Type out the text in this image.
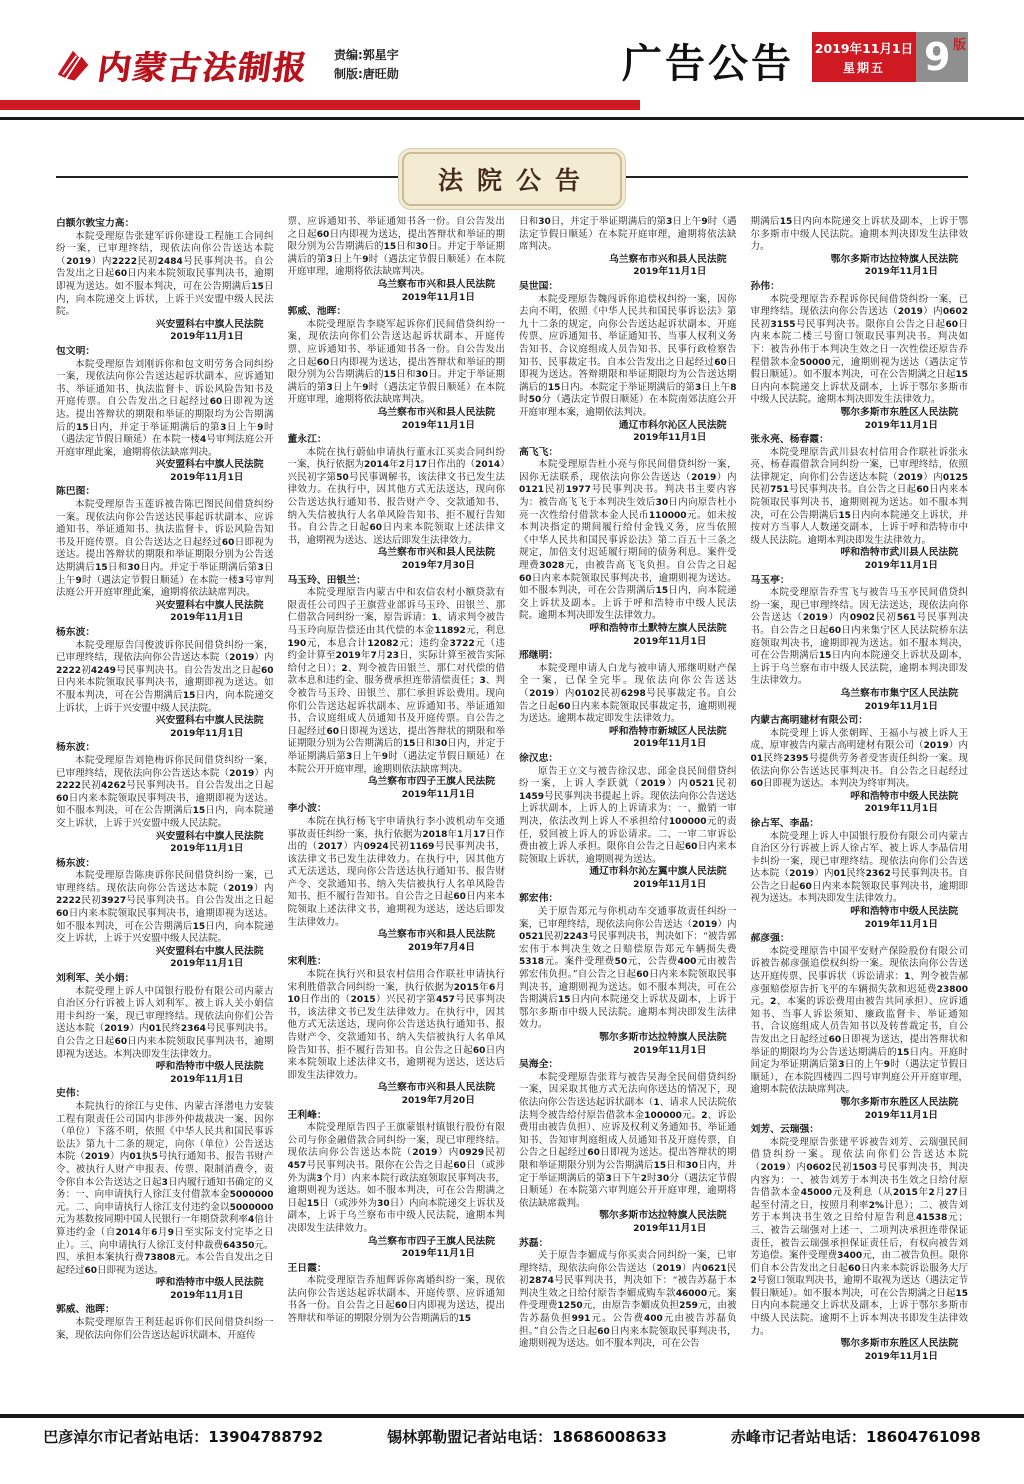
内蒙古法制报 责编:郭星宇
制版:唐旺勋	广告公告 2019年11月1日
星期五	9 版
法院公告
白额尔敦宝力高：

本院受理原告张建军诉你建设工程施工合同纠纷一案，已审理终结，现依法向你公告送达本院（2019）内2222民初2484号民事判决书。自公告发出之日起60日内来本院领取民事判决书，逾期即视为送达。如不服本判决，可在公告期满后15日内，向本院递交上诉状，上诉于兴安盟中级人民法院。

兴安盟科右中旗人民法院
2019年11月1日
包文明：

本院受理原告刘刚诉你和包文明劳务合同纠纷一案，现依法向你公告送达起诉状副本、应诉通知书、举证通知书、执法监督卡、诉讼风险告知书及开庭传票。自公告发出之日起经过60日即视为送达。提出答辩状的期限和举证的期限均为公告期满后的15日内，并定于举证期满后的第3日上午9时（遇法定节假日顺延）在本院一楼4号审判法庭公开开庭审理此案，逾期将依法缺席判决。

兴安盟科右中旗人民法院
2019年11月1日
陈巴图：

本院受理原告玉莲诉被告陈巴图民间借贷纠纷一案。现依法向你公告送达民事起诉状副本、应诉通知书、举证通知书、执法监督卡、诉讼风险告知书及开庭传票。自公告送达之日起经过60日即视为送达。提出答辩状的期限和举证期限分别为公告送达期满后15日和30日内。并定于举证期满后第3日上午9时（遇法定节假日顺延）在本院一楼3号审判法庭公开开庭审理此案，逾期将依法缺席判决。

兴安盟科右中旗人民法院
2019年11月1日
杨东波：

本院受理原告闫俊波诉你民间借贷纠纷一案，已审理终结，现依法向你公告送达本院（2019）内2222初4249号民事判决书。自公告发出之日起60日内来本院领取民事判决书，逾期即视为送达。如不服本判决，可在公告期满后15日内，向本院递交上诉状，上诉于兴安盟中级人民法院。

兴安盟科右中旗人民法院
2019年11月1日
杨东波：

本院受理原告刘艳梅诉你民间借贷纠纷一案，已审理终结，现依法向你公告送达本院（2019）内2222民初4262号民事判决书。自公告发出之日起60日内来本院领取民事判决书，逾期即视为送达。如不服本判决，可在公告期满后15日内，向本院递交上诉状，上诉于兴安盟中级人民法院。

兴安盟科右中旗人民法院
2019年11月1日
杨东波：

本院受理原告陈庚诉你民间借贷纠纷一案，已审理终结。现依法向你公告送达本院（2019）内2222民初3927号民事判决书。自公告发出之日起60日内来本院领取民事判决书，逾期即视为送达。如不服本判决，可在公告期满后15日内，向本院递交上诉状，上诉于兴安盟中级人民法院。

兴安盟科右中旗人民法院
2019年11月1日
刘利军、关小娟：

本院受理上诉人中国银行股份有限公司内蒙古自治区分行诉被上诉人刘利军、被上诉人关小娟信用卡纠纷一案，现已审理终结。现依法向你们公告送达本院（2019）内01民终2364号民事判决书。自公告之日起60日内来本院领取民事判决书，逾期即视为送达。本判决即发生法律效力。

呼和浩特市中级人民法院
2019年11月1日
史伟：

本院执行的徐江与史伟、内蒙古泽潜电力安装工程有限责任公司国内非涉外仲裁裁决一案、因你（单位）下落不明，依照《中华人民共和国民事诉讼法》第九十二条的规定，向你（单位）公告送达本院（2019）内01执5号执行通知书、报告书财产令、被执行人财产申报表、传票、限制消费令，责令你自本公告送达之日起3日内履行通知书确定的义务：一、向申请执行人徐江支付借款本金5000000元。二、向申请执行人徐江支付违约金以5000000元为基数按同期中国人民银行一年期贷款利率4倍计算违约金（自2014年6月9日至实际支付完毕之日止）。三、向申请执行人徐江支付仲裁费64350元。四、承担本案执行费73808元。本公告自发出之日起经过60日即视为送达。

呼和浩特市中级人民法院
2019年11月1日
郭威、池晖：

本院受理原告王利廷起诉你们民间借贷纠纷一案，现依法向你们公告送达起诉状副本、开庭传

票、应诉通知书、举证通知书各一份。自公告发出之日起60日内即视为送达，提出答辩状和举证的期限分别为公告期满后的15日和30日。并定于举证期满后的第3日上午9时（遇法定节假日顺延）在本院开庭审理，逾期将依法缺席判决。

乌兰察布市兴和县人民法院
2019年11月1日
郭威、池晖：

本院受理原告李晓军起诉你们民间借贷纠纷一案，现依法向你们公告送达起诉状副本、开庭传票、应诉通知书、举证通知书各一份。自公告发出之日起60日内即视为送达，提出答辩状和举证的期限分别为公告期满后的15日和30日。并定于举证期满后的第3日上午9时（遇法定节假日顺延）在本院开庭审理，逾期将依法缺席判决。

乌兰察布市兴和县人民法院
2019年11月1日
董永江：

本院在执行蔚仙申请执行董永江买卖合同纠纷一案，执行依据为2014年2月17日作出的（2014）兴民初字第50号民事调解书，该法律文书已发生法律效力。在执行中，因其他方式无法送达，现向你公告送达执行通知书、报告财产令、交款通知书、纳入失信被执行人名单风险告知书、拒不履行告知书。自公告之日起60日内来本院领取上述法律文书，逾期视为送达、送达后即发生法律效力。

乌兰察布市兴和县人民法院
2019年7月30日
马玉玲、田银兰：

本院受理原告内蒙古中和农信农村小额贷款有限责任公司四子王旗营业部诉马玉玲、田银兰、那仁借款合同纠纷一案，原告诉请：1、请求判令被告马玉玲向原告偿还由其代偿的本金11892元，利息190元，本息合计12082元；违约金3722元（违约金计算至2019年7月23日，实际计算至被告实际给付之日）；2、判令被告田银兰、那仁对代偿的借款本息和违约金、服务费承担连带清偿责任；3、判令被告马玉玲、田银兰、那仁承担诉讼费用。现向你们公告送达起诉状副本、应诉通知书、举证通知书、合议庭组成人员通知书及开庭传票。自公告之日起经过60日即视为送达，提出答辩状的期限和举证期限分别为公告期满后的15日和30日内，并定于举证期满后第3日上午9时（遇法定节假日顺延）在本院公开开庭审理，逾期则依法缺席判决。

乌兰察布市四子王旗人民法院
2019年11月1日
李小波：

本院在执行杨飞宇申请执行李小波机动车交通事故责任纠纷一案，执行依据为2018年1月17日作出的（2017）内0924民初1169号民事判决书，该法律文书已发生法律效力。在执行中，因其他方式无法送达，现向你公告送达执行通知书、报告财产令、交款通知书、纳入失信被执行人名单风险告知书、拒不履行告知书。自公告之日起60日内来本院领取上述法律文书，逾期视为送达，送达后即发生法律效力。

乌兰察布市兴和县人民法院
2019年7月4日
宋利胜：

本院在执行兴和县农村信用合作联社申请执行宋利胜借款合同纠纷一案，执行依据为2015年6月10日作出的（2015）兴民初字第457号民事判决书，该法律文书已发生法律效力。在执行中，因其他方式无法送达，现向你公告送达执行通知书、报告财产令、交款通知书、纳入失信被执行人名单风险告知书、拒不履行告知书。自公告之日起60日内来本院领取上述法律文书，逾期视为送达，送达后即发生法律效力。

乌兰察布市兴和县人民法院
2019年7月20日
王利峰：

本院受理原告四子王旗蒙银村镇银行股份有限公司与你金融借款合同纠纷一案，现已审理终结。现依法向你公告送达本院（2019）内0929民初457号民事判决书。限你在公告之日起60日（或涉外为满3个月）内来本院行政法庭领取民事判决书，逾期则视为送达。如不服本判决，可在公告期满之日起15日（或涉外为30日）内向本院递交上诉状及副本，上诉于乌兰察布市中级人民法院，逾期本判决即发生法律效力。

乌兰察布市四子王旗人民法院
2019年11月1日
王日霞：

本院受理原告乔旭辉诉你离婚纠纷一案，现依法向你公告送达起诉状副本、开庭传票、应诉通知书各一份。自公告之日起60日内即视为送达，提出答辩状和举证的期限分别为公告期满后的15

日和30日，并定于举证期满后的第3日上午9时（遇法定节假日顺延）在本院开庭审理，逾期将依法缺席判决。

乌兰察布市兴和县人民法院
2019年11月1日
吴世国：

本院受理原告魏闯诉你追偿权纠纷一案，因你去向不明，依照《中华人民共和国民事诉讼法》第九十二条的规定，向你公告送达起诉状副本、开庭传票、应诉通知书、举证通知书、当事人权利义务告知书、合议庭组成人员告知书、民事行政检察告知书、民事裁定书。自本公告发出之日起经过60日即视为送达。答辩期限和举证期限均为公告送达期满后的15日内。本院定于举证期满后的第3日上午8时50分（遇法定节假日顺延）在本院南郊法庭公开开庭审理本案，逾期依法判决。

通辽市科尔沁区人民法院
2019年11月1日
高飞飞：

本院受理原告杜小亮与你民间借贷纠纷一案，因你无法联系，现依法向你公告送达（2019）内0121民初1977号民事判决书。判决书主要内容为：被告高飞飞于本判决生效后30日内向原告杜小亮一次性给付借款本金人民币110000元。如未按本判决指定的期间履行给付金钱义务，应当依照《中华人民共和国民事诉讼法》第二百五十三条之规定，加倍支付迟延履行期间的债务利息。案件受理费3028元，由被告高飞飞负担。自公告之日起60日内来本院领取民事判决书，逾期则视为送达。如不服本判决，可在公告期满后15日内，向本院递交上诉状及副本。上诉于呼和浩特市中级人民法院。逾期本判决即发生法律效力。

呼和浩特市土默特左旗人民法院
2019年11月1日
邢继明：

本院受理申请人白龙与被申请人邢继明财产保全一案，已保全完毕。现依法向你公告送达（2019）内0102民初6298号民事裁定书。自公告之日起60日内来本院领取民事裁定书，逾期则视为送达。逾期本裁定即发生法律效力。

呼和浩特市新城区人民法院
2019年11月1日
徐汉忠：

原告王立文与被告徐汉忠、邱金良民间借贷纠纷一案，上诉人李跃就（2019）内0521民初1459号民事判决书提起上诉。现依法向你公告送达上诉状副本，上诉人的上诉请求为：一、撤销一审判决，依法改判上诉人不承担给付100000元的责任，驳回被上诉人的诉讼请求。二、一审二审诉讼费由被上诉人承担。限你自公告之日起60日内来本院领取上诉状，逾期则视为送达。

通辽市科尔沁左翼中旗人民法院
2019年11月1日
郭宏伟：

关于原告郑元与你机动车交通事故责任纠纷一案，已审理终结，现依法向你公告送达（2019）内0521民初2243号民事判决书，判决如下：“被告郭宏伟于本判决生效之日赔偿原告郑元车辆损失费5318元。案件受理费50元，公告费400元由被告郭宏伟负担。”自公告之日起60日内来本院领取民事判决书，逾期则视为送达。如不服本判决，可在公告期满后15日内向本院递交上诉状及副本，上诉于鄂尔多斯市中级人民法院。逾期本判决即发生法律效力。

鄂尔多斯市达拉特旗人民法院
2019年11月1日
吴海全：

本院受理原告张茸与被告吴海全民间借贷纠纷一案，因采取其他方式无法向你送达的情况下，现依法向你公告送达起诉状副本（1、请求人民法院依法判令被告给付原告借款本金100000元。2、诉讼费用由被告负担）、应诉及权利义务通知书、举证通知书、告知审判庭组成人员通知书及开庭传票，自公告之日起经过60日即视为送达。提出答辩状的期限和举证期限分别为公告期满后15日和30日内，并定于举证期满后的第3日下午2时30分（遇法定节假日顺延）在本院第六审判庭公开开庭审理，逾期将依法缺席裁判。

鄂尔多斯市达拉特旗人民法院
2019年11月1日
苏磊：

关于原告李媚成与你买卖合同纠纷一案，已审理终结，现依法向你公告送达（2019）内0621民初2874号民事判决书，判决如下：“被告苏磊于本判决生效之日给付原告李媚成购车款46000元。案件受理费1250元，由原告李媚成负担259元，由被告苏磊负担991元。公告费400元由被告苏磊负担。”自公告之日起60日内来本院领取民事判决书，逾期则视为送达。如不服本判决，可在公告

期满后15日内向本院递交上诉状及副本，上诉于鄂尔多斯市中级人民法院。逾期本判决即发生法律效力。

鄂尔多斯市达拉特旗人民法院
2019年11月1日
孙伟：

本院受理原告乔程诉你民间借贷纠纷一案，已审理终结。现依法向你公告送达（2019）内0602民初3155号民事判决书。限你自公告之日起60日内来本院二楼三号窗口领取民事判决书。判决如下：被告孙伟于本判决生效之日一次性偿还原告乔程借款本金50000元，逾期则视为送达（遇法定节假日顺延）。如不服本判决，可在公告期满之日起15日内向本院递交上诉状及副本，上诉于鄂尔多斯市中级人民法院。逾期本判决即发生法律效力。

鄂尔多斯市东胜区人民法院
2019年11月1日
张永亮、杨春霞：

本院受理原告武川县农村信用合作联社诉张永亮、杨春霞借款合同纠纷一案，已审理终结，依照法律规定，向你们公告送达本院（2019）内0125民初751号民事判决书。自公告之日起60日内来本院领取民事判决书，逾期则视为送达。如不服本判决，可在公告期满后15日内向本院递交上诉状，并按对方当事人人数递交副本，上诉于呼和浩特市中级人民法院。逾期本判决即发生法律效力。

呼和浩特市武川县人民法院
2019年11月1日
马玉亭：

本院受理原告乔雪飞与被告马玉亭民间借贷纠纷一案，现已审理终结。因无法送达，现依法向你公告送达（2019）内0902民初561号民事判决书。自公告之日起60日内来集宁区人民法院桥东法庭领取判决书，逾期即视为送达。如不服本判决，可在公告期满后15日内向本院递交上诉状及副本，上诉于乌兰察布市中级人民法院，逾期本判决即发生法律效力。

乌兰察布市集宁区人民法院
2019年11月1日
内蒙古高明建材有限公司：

本院受理上诉人张朝晖、王福小与被上诉人王成、原审被告内蒙古高明建材有限公司（2019）内01民终2395号提供劳务者受害责任纠纷一案。现依法向你公告送达民事判决书。自公告之日起经过60日即视为送达。本判决为终审判决。

呼和浩特市中级人民法院
2019年11月1日
徐占军、李晶：

本院受理上诉人中国银行股份有限公司内蒙古自治区分行诉被上诉人徐占军、被上诉人李晶信用卡纠纷一案，现已审理终结。现依法向你们公告送达本院（2019）内01民终2362号民事判决书。自公告之日起60日内来本院领取民事判决书，逾期即视为送达。本判决即发生法律效力。

呼和浩特市中级人民法院
2019年11月1日
郝彦强：

本院受理原告中国平安财产保险股份有限公司诉被告郝彦强追偿权纠纷一案。现依法向你公告送达开庭传票、民事诉状（诉讼请求：1、判令被告郝彦强赔偿原告折飞平的车辆损失款和迟延费23800元。2、本案的诉讼费用由被告共同承担）、应诉通知书、当事人诉讼须知、廉政监督卡、举证通知书、合议庭组成人员告知书以及转普裁定书，自公告发出之日起经过60日即视为送达，提出答辩状和举证的期限均为公告送达期满后的15日内。开庭时间定为举证期满后第3日的上午9时（遇法定节假日顺延），在本院四楼四二四号审判庭公开开庭审理，逾期本院依法缺席判决。

鄂尔多斯市东胜区人民法院
2019年11月1日
刘芳、云瑞强：

本院受理原告张建平诉被告刘芳、云瑞强民间借贷纠纷一案。现依法向你们公告送达本院（2019）内0602民初1503号民事判决书，判决内容为：一、被告刘芳于本判决书生效之日给付原告借款本金45000元及利息（从2015年2月27日起至付清之日，按照月利率2%计息）；二、被告刘芳于本判决书生效之日给付原告利息41538元；三、被告云瑞强对上述一、二项判决承担连带保证责任，被告云瑞强承担保证责任后，有权向被告刘芳追偿。案件受理费3400元，由二被告负担。限你们自本公告发出之日起60日内来本院诉讼服务大厅2号窗口领取判决书，逾期不取视为送达（遇法定节假日顺延）。如不服本判决，可在公告期满之日起15日内向本院递交上诉状及副本，上诉于鄂尔多斯市中级人民法院。逾期不上诉本判决书即发生法律效力。

鄂尔多斯市东胜区人民法院
2019年11月1日
巴彦淖尔市记者站电话：13904788792	锡林郭勒盟记者站电话：18686008633	赤峰市记者站电话：18604761098
